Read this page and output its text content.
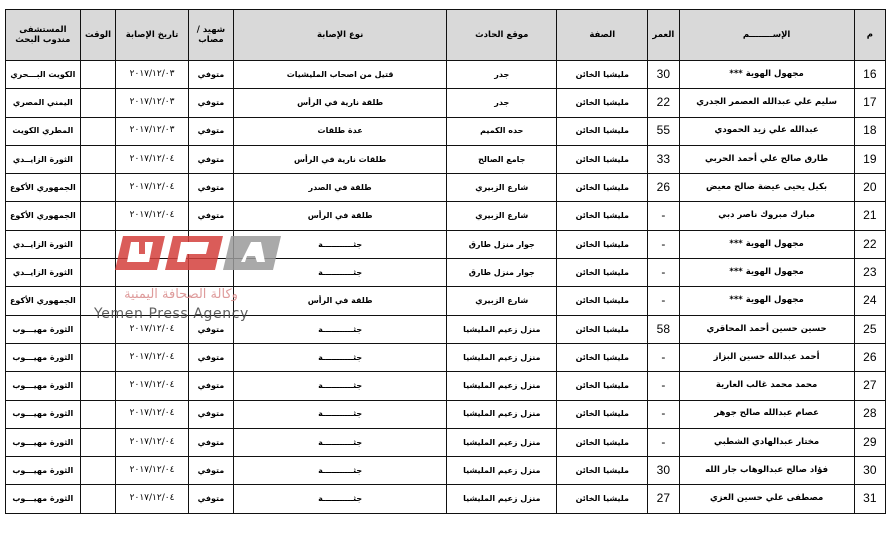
م	الإســــــــم	العمر	الصفة	موقع الحادث	نوع الإصابة	شهيد /
مصاب	تاريخ الإصابة	الوقت	المستشفى مندوب البحث
16	مجهول الهوية ***	30	مليشيا الخائن	جدر	قتيل من اصحاب المليشيات	متوفي	٢٠١٧/١٢/٠٣		الكويت البـــحري
17	سليم علي عبدالله العصمر الجدري	22	مليشيا الخائن	جدر	طلقة نارية في الرأس	متوفي	٢٠١٧/١٢/٠٣		اليمني المصري
18	عبدالله علي زيد الحمودي	55	مليشيا الخائن	حده الكميم	عدة طلقات	متوفي	٢٠١٧/١٢/٠٣		المطري الكويت
19	طارق صالح علي أحمد الحربي	33	مليشيا الخائن	جامع الصالح	طلقات نارية في الرأس	متوفي	٢٠١٧/١٢/٠٤		الثورة الزايــدي
20	بكيل يحيى عيضة صالح معيض	26	مليشيا الخائن	شارع الزبيري	طلقة في الصدر	متوفي	٢٠١٧/١٢/٠٤		الجمهوري الأكوع
21	مبارك مبروك ناصر دبي	-	مليشيا الخائن	شارع الزبيري	طلقة في الرأس	متوفي	٢٠١٧/١٢/٠٤		الجمهوري الأكوع
22	مجهول الهوية ***	-	مليشيا الخائن	جوار منزل طارق	جثـــــــــــة				الثورة الزايــدي
23	مجهول الهوية ***	-	مليشيا الخائن	جوار منزل طارق	جثـــــــــــة				الثورة الزايــدي
24	مجهول الهوية ***	-	مليشيا الخائن	شارع الزبيري	طلقة في الرأس				الجمهوري الأكوع
25	حسين حسين أحمد المحاقري	58	مليشيا الخائن	منزل زعيم المليشيا	جثـــــــــــة	متوفي	٢٠١٧/١٢/٠٤		الثورة مهيـــوب
26	أحمد عبدالله حسين البزاز	-	مليشيا الخائن	منزل زعيم المليشيا	جثـــــــــــة	متوفي	٢٠١٧/١٢/٠٤		الثورة مهيـــوب
27	محمد محمد غالب العارية	-	مليشيا الخائن	منزل زعيم المليشيا	جثـــــــــــة	متوفي	٢٠١٧/١٢/٠٤		الثورة مهيـــوب
28	عصام عبدالله صالح جوهر	-	مليشيا الخائن	منزل زعيم المليشيا	جثـــــــــــة	متوفي	٢٠١٧/١٢/٠٤		الثورة مهيـــوب
29	مختار عبدالهادي الشطبي	-	مليشيا الخائن	منزل زعيم المليشيا	جثـــــــــــة	متوفي	٢٠١٧/١٢/٠٤		الثورة مهيـــوب
30	فؤاد صالح عبدالوهاب جار الله	30	مليشيا الخائن	منزل زعيم المليشيا	جثـــــــــــة	متوفي	٢٠١٧/١٢/٠٤		الثورة مهيـــوب
31	مصطفى علي حسين العزي	27	مليشيا الخائن	منزل زعيم المليشيا	جثـــــــــــة	متوفي	٢٠١٧/١٢/٠٤		الثورة مهيـــوب
وكالة الصحافة اليمنية
Yemen Press Agency
